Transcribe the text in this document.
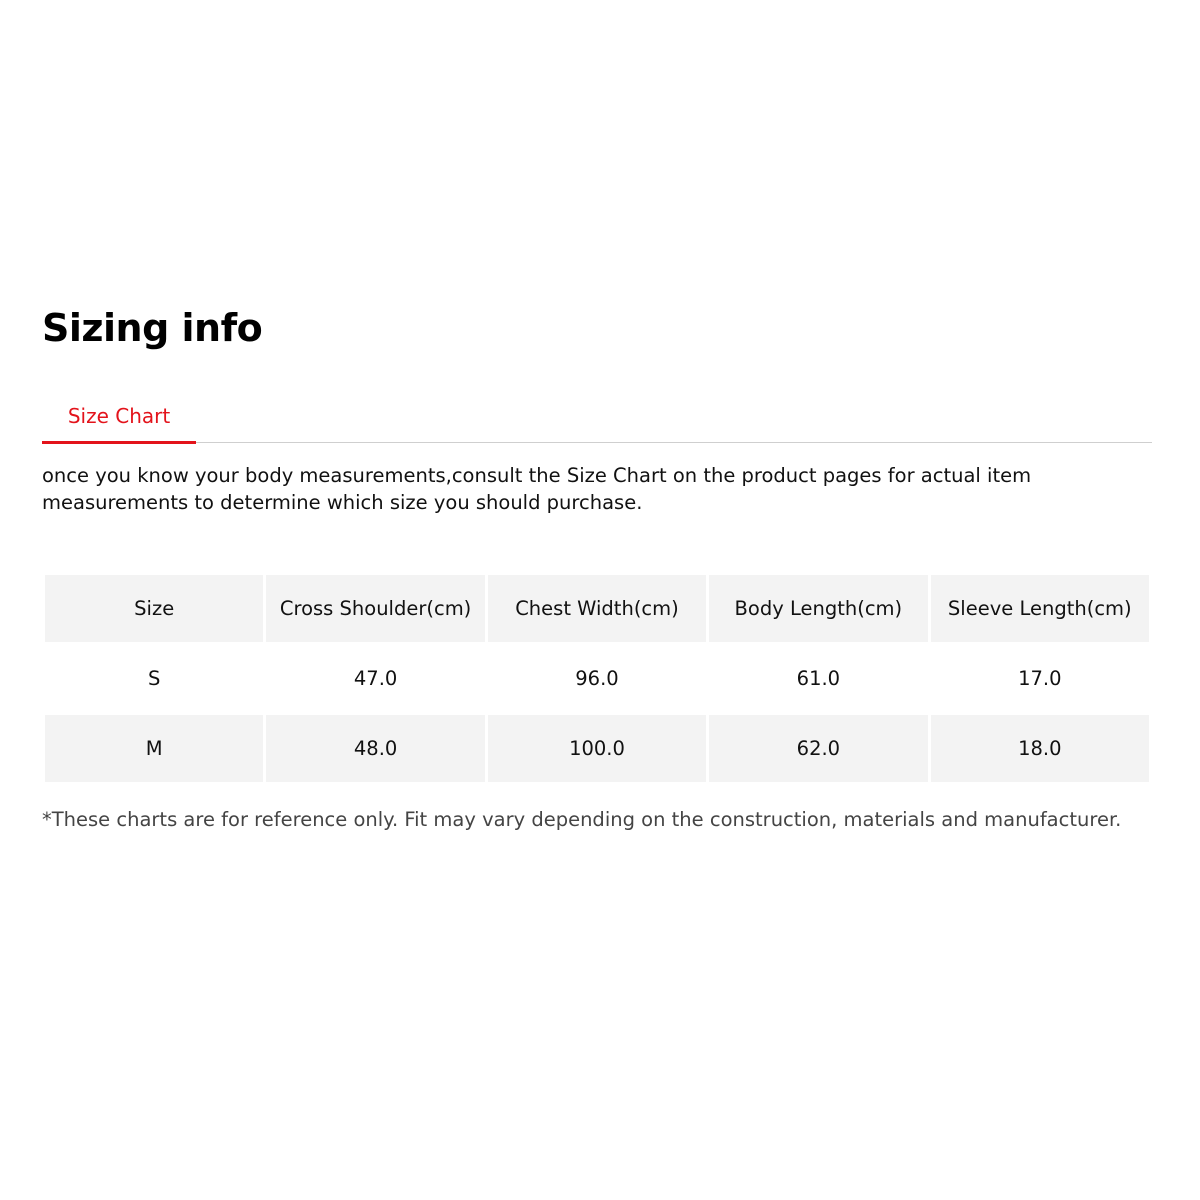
Sizing info
Size Chart

once you know your body measurements,consult the Size Chart on the product pages for actual item measurements to determine which size you should purchase.

Size	Cross Shoulder(cm)	Chest Width(cm)	Body Length(cm)	Sleeve Length(cm)
S	47.0	96.0	61.0	17.0
M	48.0	100.0	62.0	18.0

*These charts are for reference only. Fit may vary depending on the construction, materials and manufacturer.
